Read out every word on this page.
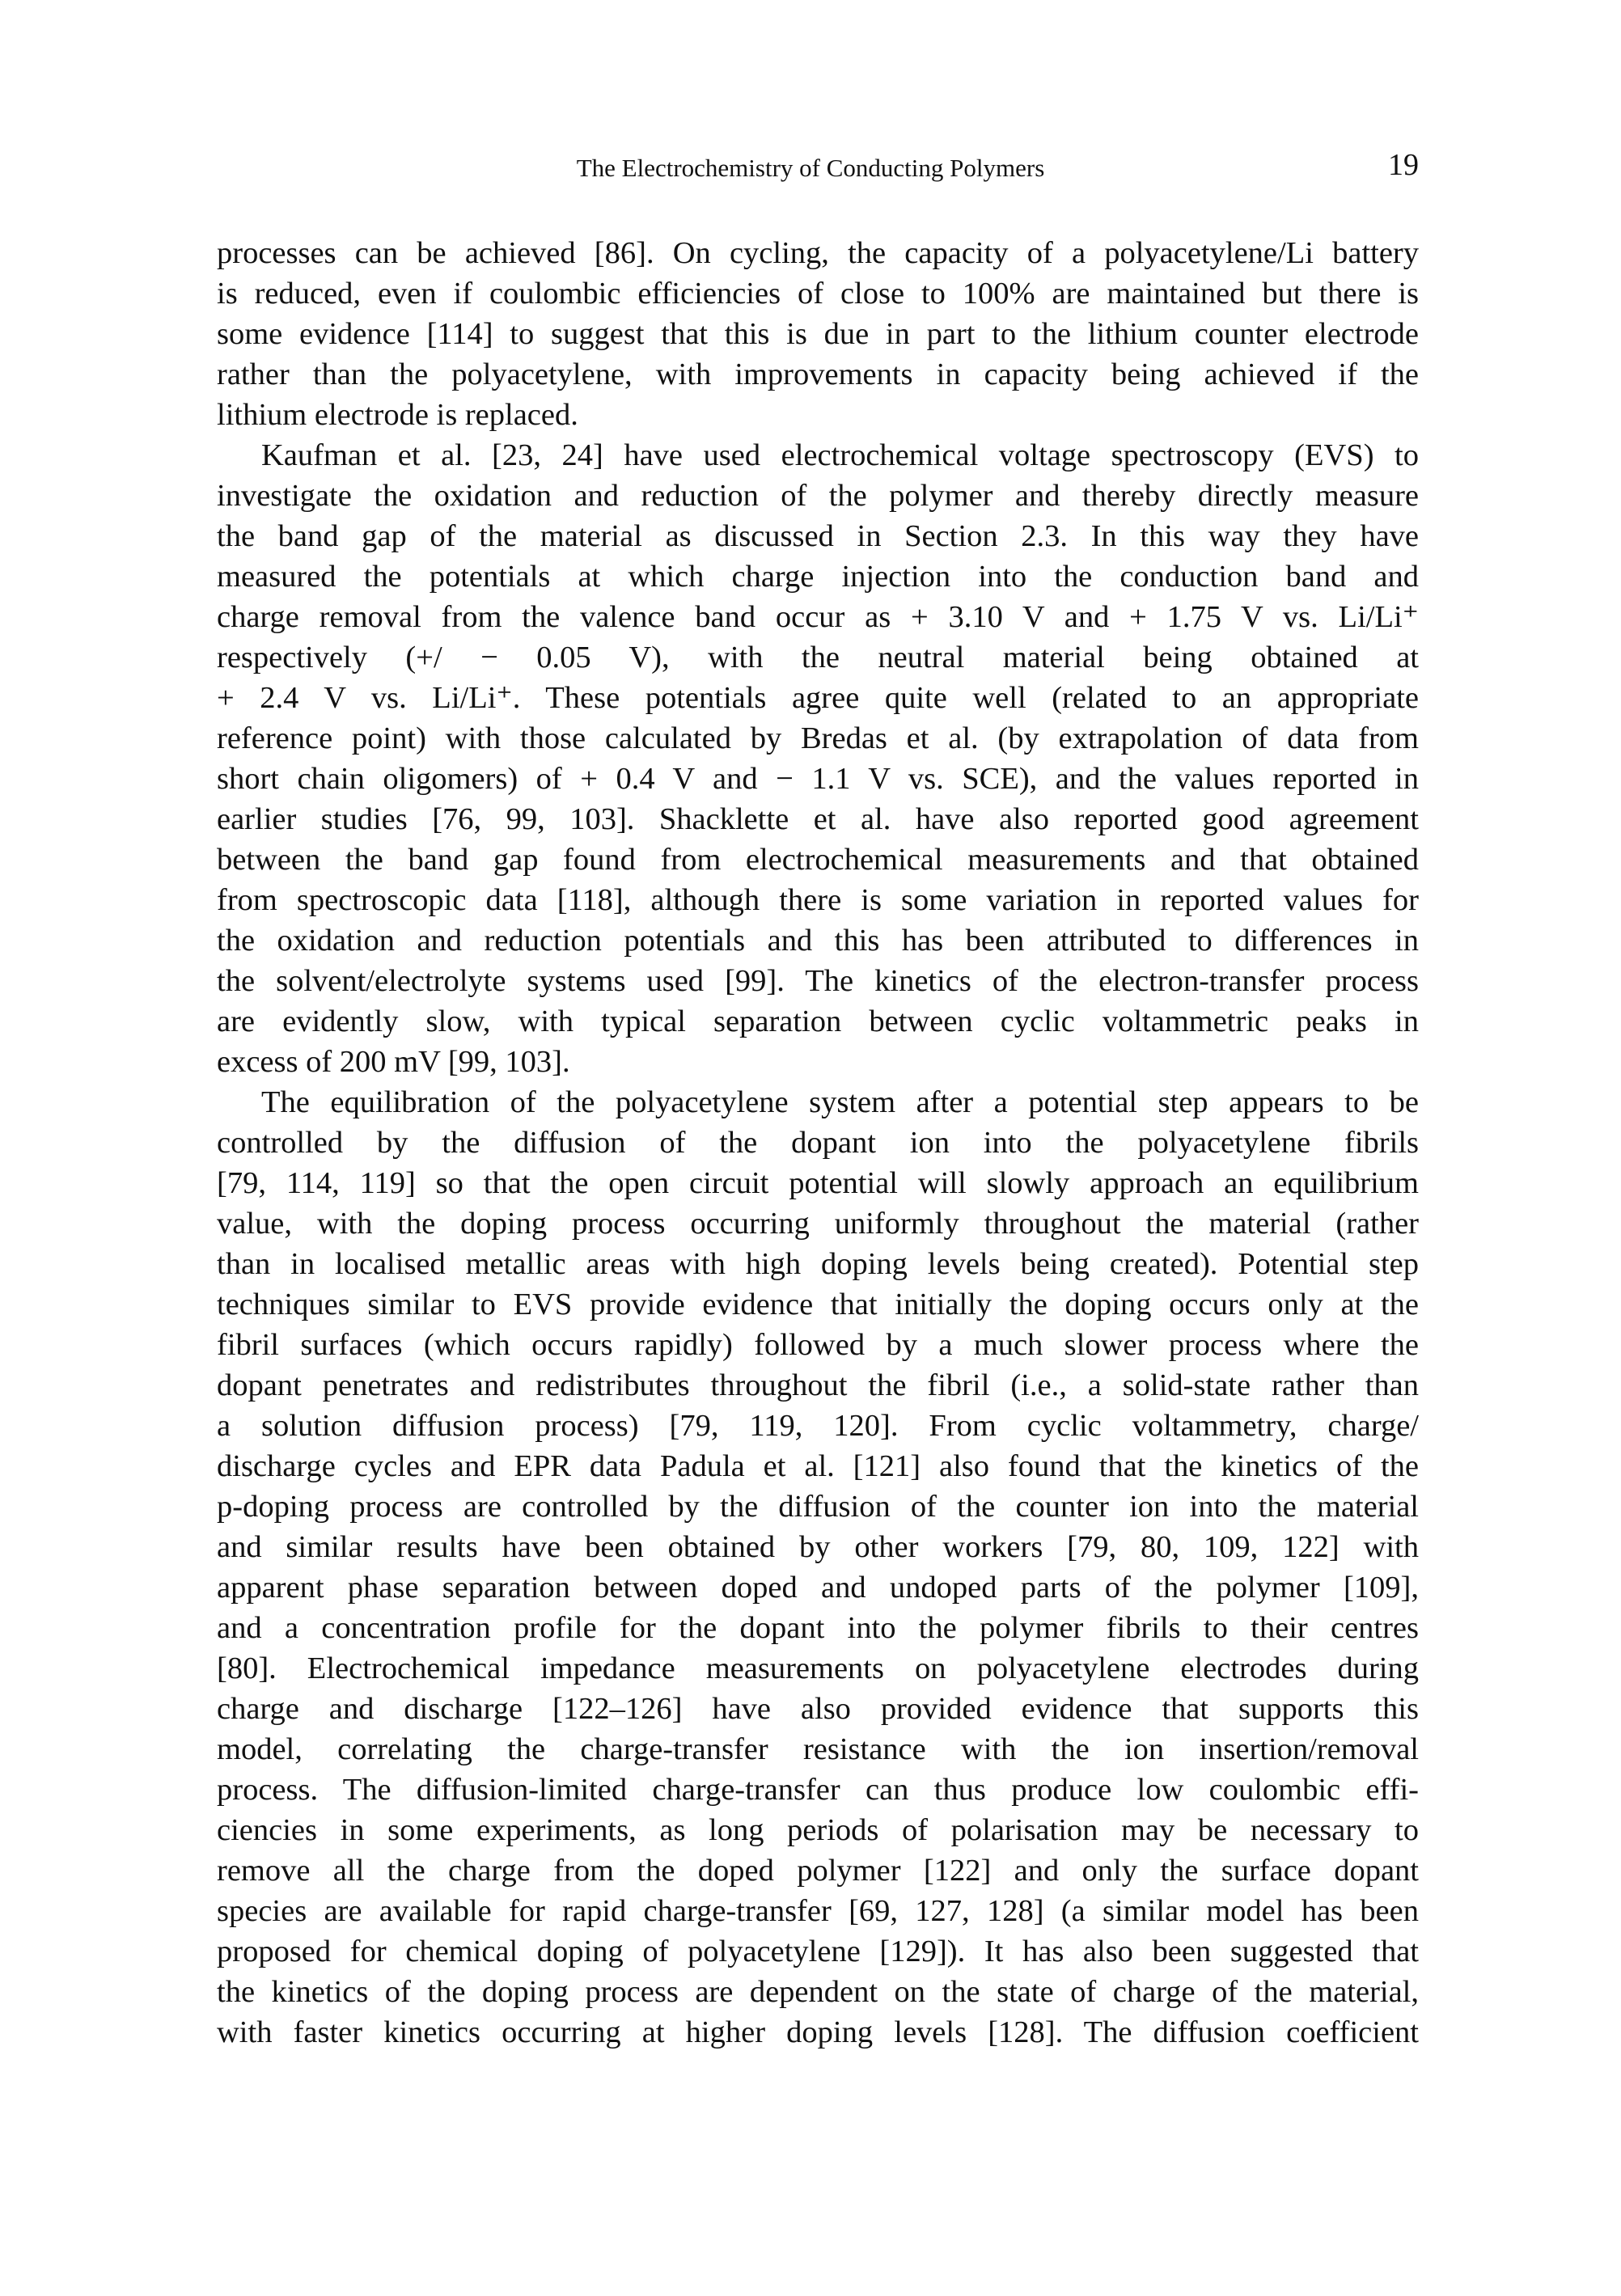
The Electrochemistry of Conducting Polymers	19
processes can be achieved [86]. On cycling, the capacity of a polyacetylene/Li battery
is reduced, even if coulombic efficiencies of close to 100% are maintained but there is
some evidence [114] to suggest that this is due in part to the lithium counter electrode
rather than the polyacetylene, with improvements in capacity being achieved if the
lithium electrode is replaced.
Kaufman et al. [23, 24] have used electrochemical voltage spectroscopy (EVS) to
investigate the oxidation and reduction of the polymer and thereby directly measure
the band gap of the material as discussed in Section 2.3. In this way they have
measured the potentials at which charge injection into the conduction band and
charge removal from the valence band occur as + 3.10 V and + 1.75 V vs. Li/Li⁺
respectively (+/ − 0.05 V), with the neutral material being obtained at
+ 2.4 V vs. Li/Li⁺. These potentials agree quite well (related to an appropriate
reference point) with those calculated by Bredas et al. (by extrapolation of data from
short chain oligomers) of + 0.4 V and − 1.1 V vs. SCE), and the values reported in
earlier studies [76, 99, 103]. Shacklette et al. have also reported good agreement
between the band gap found from electrochemical measurements and that obtained
from spectroscopic data [118], although there is some variation in reported values for
the oxidation and reduction potentials and this has been attributed to differences in
the solvent/electrolyte systems used [99]. The kinetics of the electron-transfer process
are evidently slow, with typical separation between cyclic voltammetric peaks in
excess of 200 mV [99, 103].
The equilibration of the polyacetylene system after a potential step appears to be
controlled by the diffusion of the dopant ion into the polyacetylene fibrils
[79, 114, 119] so that the open circuit potential will slowly approach an equilibrium
value, with the doping process occurring uniformly throughout the material (rather
than in localised metallic areas with high doping levels being created). Potential step
techniques similar to EVS provide evidence that initially the doping occurs only at the
fibril surfaces (which occurs rapidly) followed by a much slower process where the
dopant penetrates and redistributes throughout the fibril (i.e., a solid-state rather than
a solution diffusion process) [79, 119, 120]. From cyclic voltammetry, charge/
discharge cycles and EPR data Padula et al. [121] also found that the kinetics of the
p-doping process are controlled by the diffusion of the counter ion into the material
and similar results have been obtained by other workers [79, 80, 109, 122] with
apparent phase separation between doped and undoped parts of the polymer [109],
and a concentration profile for the dopant into the polymer fibrils to their centres
[80]. Electrochemical impedance measurements on polyacetylene electrodes during
charge and discharge [122–126] have also provided evidence that supports this
model, correlating the charge-transfer resistance with the ion insertion/removal
process. The diffusion-limited charge-transfer can thus produce low coulombic effi-
ciencies in some experiments, as long periods of polarisation may be necessary to
remove all the charge from the doped polymer [122] and only the surface dopant
species are available for rapid charge-transfer [69, 127, 128] (a similar model has been
proposed for chemical doping of polyacetylene [129]). It has also been suggested that
the kinetics of the doping process are dependent on the state of charge of the material,
with faster kinetics occurring at higher doping levels [128]. The diffusion coefficient
